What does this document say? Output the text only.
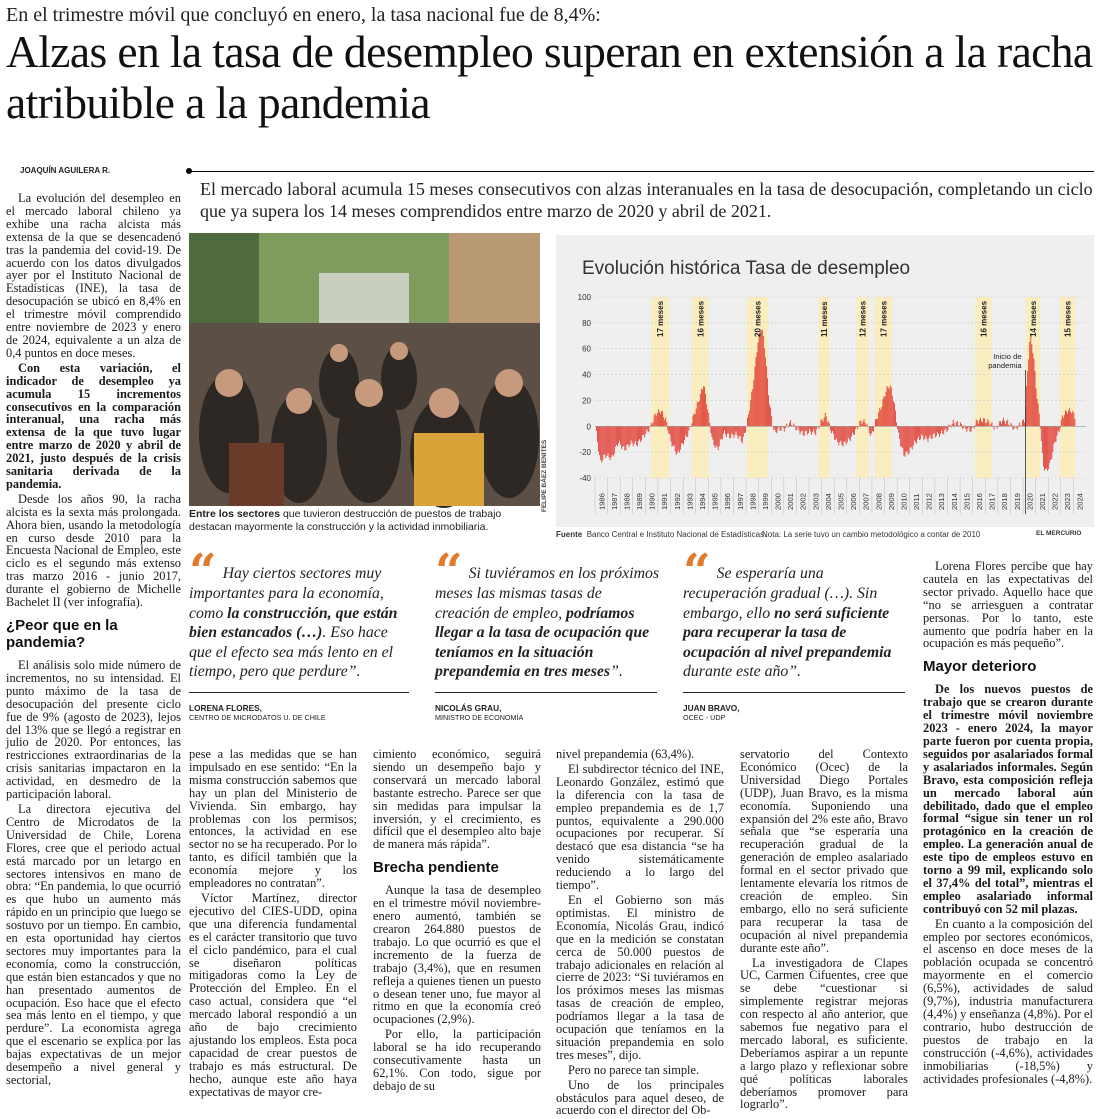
En el trimestre móvil que concluyó en enero, la tasa nacional fue de 8,4%:
Alzas en la tasa de desempleo superan en extensión a la racha atribuible a la pandemia
JOAQUÍN AGUILERA R.
El mercado laboral acumula 15 meses consecutivos con alzas interanuales en la tasa de desocupación, completando un ciclo que ya supera los 14 meses comprendidos entre marzo de 2020 y abril de 2021.

La evolución del desempleo en el mercado laboral chileno ya exhibe una racha alcista más extensa de la que se desencadenó tras la pandemia del covid-19. De acuerdo con los datos divulgados ayer por el Instituto Nacional de Estadísticas (INE), la tasa de desocupación se ubicó en 8,4% en el trimestre móvil comprendido entre noviembre de 2023 y enero de 2024, equivalente a un alza de 0,4 puntos en doce meses.

Con esta variación, el indicador de desempleo ya acumula 15 incrementos consecutivos en la comparación interanual, una racha más extensa de la que tuvo lugar entre marzo de 2020 y abril de 2021, justo después de la crisis sanitaria derivada de la pandemia.

Desde los años 90, la racha alcista es la sexta más prolongada. Ahora bien, usando la metodología en curso desde 2010 para la Encuesta Nacional de Empleo, este ciclo es el segundo más extenso tras marzo 2016 - junio 2017, durante el gobierno de Michelle Bachelet II (ver infografía).

¿Peor que en la pandemia?

El análisis solo mide número de incrementos, no su intensidad. El punto máximo de la tasa de desocupación del presente ciclo fue de 9% (agosto de 2023), lejos del 13% que se llegó a registrar en julio de 2020. Por entonces, las restricciones extraordinarias de la crisis sanitarias impactaron en la actividad, en desmedro de la participación laboral.

La directora ejecutiva del Centro de Microdatos de la Universidad de Chile, Lorena Flores, cree que el periodo actual está marcado por un letargo en sectores intensivos en mano de obra: “En pandemia, lo que ocurrió es que hubo un aumento más rápido en un principio que luego se sostuvo por un tiempo. En cambio, en esta oportunidad hay ciertos sectores muy importantes para la economía, como la construcción, que están bien estancados y que no han presentado aumentos de ocupación. Eso hace que el efecto sea más lento en el tiempo, y que perdure”. La economista agrega que el escenario se explica por las bajas expectativas de un mejor desempeño a nivel general y sectorial,

FELIPE BÁEZ BENITES
Entre los sectores que tuvieron destrucción de puestos de trabajo destacan mayormente la construcción y la actividad inmobiliaria.
-40
-20
0
20
40
60
80
100
1986 1987 1988 1989 1990 1991 1992 1993 1994 1995 1996 1997 1998 1999 2000 2001 2002 2003 2004 2005 2006 2007 2008 2009 2010 2011 2012 2013 2014 2015 2016 2017 2018 2019 2020 2021 2022 2023 2024
17 meses	16 meses	20 meses	11 meses	12 meses 17 meses	16 meses	14 meses	15 meses
Inicio de
pandemia
Evolución histórica Tasa de desempleo
Fuente Banco Central e Instituto Nacional de Estadísticas.
Nota: La serie tuvo un cambio metodológico a contar de 2010	EL MERCURIO
“ Hay ciertos sectores muy importantes para la economía, como la construcción, que están bien estancados (…). Eso hace que el efecto sea más lento en el tiempo, pero que perdure”.
LORENA FLORES,
CENTRO DE MICRODATOS U. DE CHILE
“ Si tuviéramos en los próximos meses las mismas tasas de creación de empleo, podríamos llegar a la tasa de ocupación que teníamos en la situación prepandemia en tres meses”.
NICOLÁS GRAU,
MINISTRO DE ECONOMÍA
“ Se esperaría una recuperación gradual (…). Sin embargo, ello no será suficiente para recuperar la tasa de ocupación al nivel prepandemia durante este año”.
JUAN BRAVO,
OCEC - UDP

pese a las medidas que se han impulsado en ese sentido: “En la misma construcción sabemos que hay un plan del Ministerio de Vivienda. Sin embargo, hay problemas con los permisos; entonces, la actividad en ese sector no se ha recuperado. Por lo tanto, es difícil también que la economía mejore y los empleadores no contratan”.

Víctor Martínez, director ejecutivo del CIES-UDD, opina que una diferencia fundamental es el carácter transitorio que tuvo el ciclo pandémico, para el cual se diseñaron políticas mitigadoras como la Ley de Protección del Empleo. En el caso actual, considera que “el mercado laboral respondió a un año de bajo crecimiento ajustando los empleos. Esta poca capacidad de crear puestos de trabajo es más estructural. De hecho, aunque este año haya expectativas de mayor cre-

cimiento económico, seguirá siendo un desempeño bajo y conservará un mercado laboral bastante estrecho. Parece ser que sin medidas para impulsar la inversión, y el crecimiento, es difícil que el desempleo alto baje de manera más rápida”.

Brecha pendiente

Aunque la tasa de desempleo en el trimestre móvil noviembre-enero aumentó, también se crearon 264.880 puestos de trabajo. Lo que ocurrió es que el incremento de la fuerza de trabajo (3,4%), que en resumen refleja a quienes tienen un puesto o desean tener uno, fue mayor al ritmo en que la economía creó ocupaciones (2,9%).

Por ello, la participación laboral se ha ido recuperando consecutivamente hasta un 62,1%. Con todo, sigue por debajo de su

nivel prepandemia (63,4%).

El subdirector técnico del INE, Leonardo González, estimó que la diferencia con la tasa de empleo prepandemia es de 1,7 puntos, equivalente a 290.000 ocupaciones por recuperar. Sí destacó que esa distancia “se ha venido sistemáticamente reduciendo a lo largo del tiempo”.

En el Gobierno son más optimistas. El ministro de Economía, Nicolás Grau, indicó que en la medición se constatan cerca de 50.000 puestos de trabajo adicionales en relación al cierre de 2023: “Si tuviéramos en los próximos meses las mismas tasas de creación de empleo, podríamos llegar a la tasa de ocupación que teníamos en la situación prepandemia en solo tres meses”, dijo.

Pero no parece tan simple.

Uno de los principales obstáculos para aquel deseo, de acuerdo con el director del Ob-

servatorio del Contexto Económico (Ocec) de la Universidad Diego Portales (UDP), Juan Bravo, es la misma economía. Suponiendo una expansión del 2% este año, Bravo señala que “se esperaría una recuperación gradual de la generación de empleo asalariado formal en el sector privado que lentamente elevaría los ritmos de creación de empleo. Sin embargo, ello no será suficiente para recuperar la tasa de ocupación al nivel prepandemia durante este año”.

La investigadora de Clapes UC, Carmen Cifuentes, cree que se debe “cuestionar si simplemente registrar mejoras con respecto al año anterior, que sabemos fue negativo para el mercado laboral, es suficiente. Deberíamos aspirar a un repunte a largo plazo y reflexionar sobre qué políticas laborales deberíamos promover para lograrlo”.

Lorena Flores percibe que hay cautela en las expectativas del sector privado. Aquello hace que “no se arriesguen a contratar personas. Por lo tanto, este aumento que podría haber en la ocupación es más pequeño”.

Mayor deterioro

De los nuevos puestos de trabajo que se crearon durante el trimestre móvil noviembre 2023 - enero 2024, la mayor parte fueron por cuenta propia, seguidos por asalariados formal y asalariados informales. Según Bravo, esta composición refleja un mercado laboral aún debilitado, dado que el empleo formal “sigue sin tener un rol protagónico en la creación de empleo. La generación anual de este tipo de empleos estuvo en torno a 99 mil, explicando solo el 37,4% del total”, mientras el empleo asalariado informal contribuyó con 52 mil plazas.

En cuanto a la composición del empleo por sectores económicos, el ascenso en doce meses de la población ocupada se concentró mayormente en el comercio (6,5%), actividades de salud (9,7%), industria manufacturera (4,4%) y enseñanza (4,8%). Por el contrario, hubo destrucción de puestos de trabajo en la construcción (-4,6%), actividades inmobiliarias (-18,5%) y actividades profesionales (-4,8%).
